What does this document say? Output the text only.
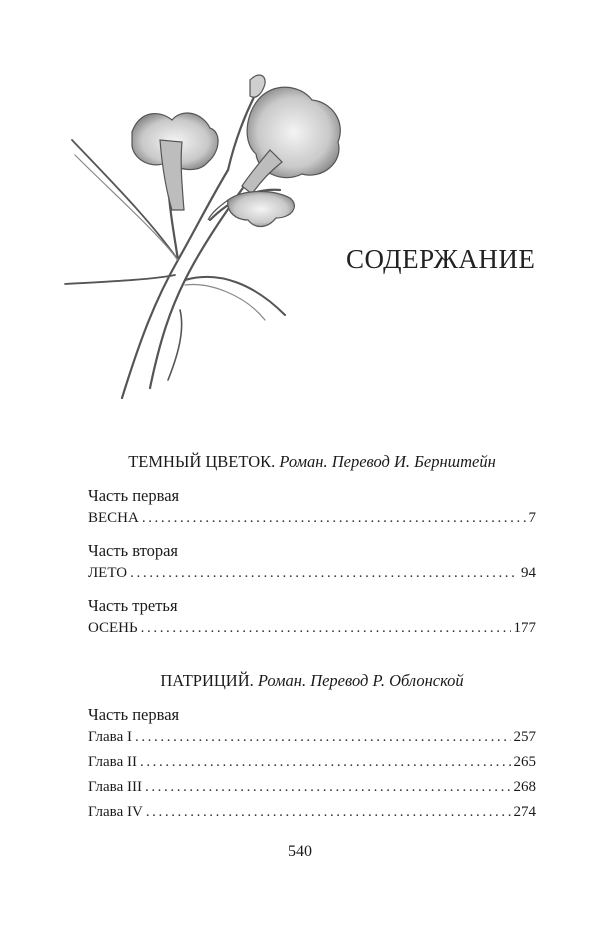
СОДЕРЖАНИЕ

ТЕМНЫЙ ЦВЕТОК. Роман. Перевод И. Бернштейн

Часть первая

ВЕСНА .....	7

Часть вторая

ЛЕТО .....	94

Часть третья

ОСЕНЬ .....	177

ПАТРИЦИЙ. Роман. Перевод Р. Облонской

Часть первая

Глава I .....	257
Глава II .....	265
Глава III .....	268
Глава IV .....	274
540
